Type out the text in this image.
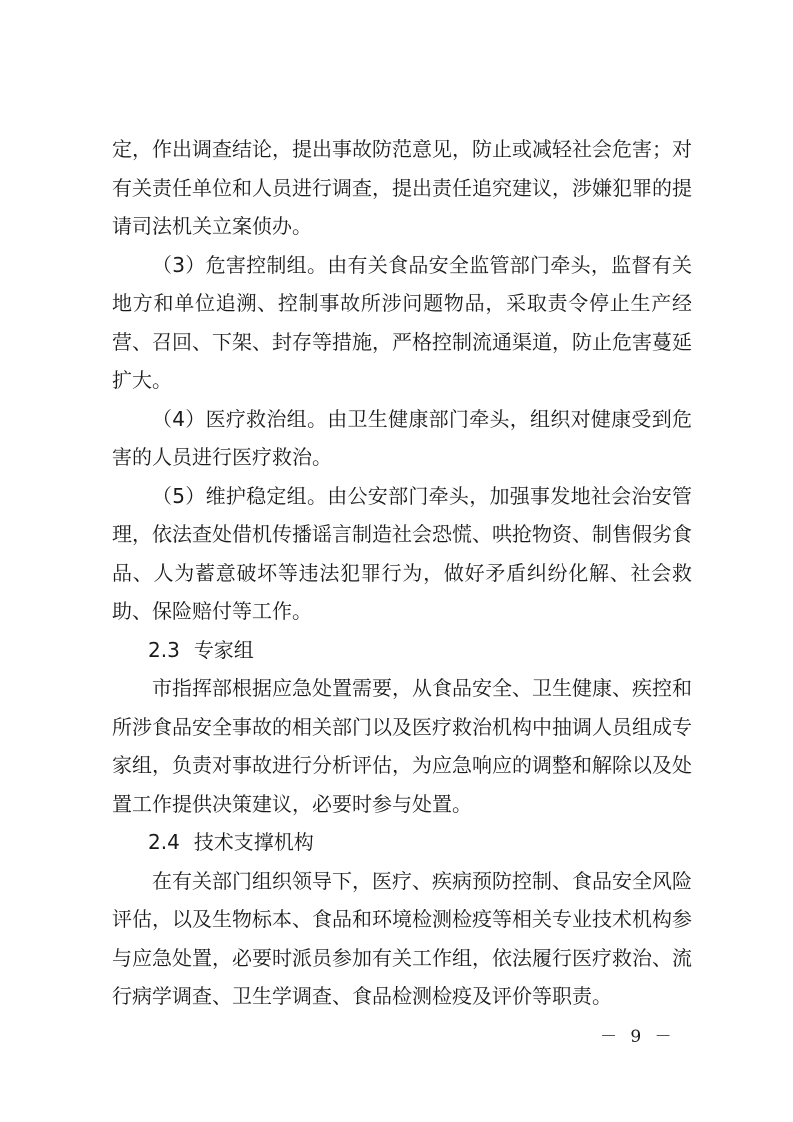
定，作出调查结论，提出事故防范意见，防止或减轻社会危害；对有关责任单位和人员进行调查，提出责任追究建议，涉嫌犯罪的提请司法机关立案侦办。

（3）危害控制组。由有关食品安全监管部门牵头，监督有关地方和单位追溯、控制事故所涉问题物品，采取责令停止生产经营、召回、下架、封存等措施，严格控制流通渠道，防止危害蔓延扩大。

（4）医疗救治组。由卫生健康部门牵头，组织对健康受到危害的人员进行医疗救治。

（5）维护稳定组。由公安部门牵头，加强事发地社会治安管理，依法查处借机传播谣言制造社会恐慌、哄抢物资、制售假劣食品、人为蓄意破坏等违法犯罪行为，做好矛盾纠纷化解、社会救助、保险赔付等工作。

2.3 专家组

市指挥部根据应急处置需要，从食品安全、卫生健康、疾控和所涉食品安全事故的相关部门以及医疗救治机构中抽调人员组成专家组，负责对事故进行分析评估，为应急响应的调整和解除以及处置工作提供决策建议，必要时参与处置。

2.4 技术支撑机构

在有关部门组织领导下，医疗、疾病预防控制、食品安全风险评估，以及生物标本、食品和环境检测检疫等相关专业技术机构参与应急处置，必要时派员参加有关工作组，依法履行医疗救治、流行病学调查、卫生学调查、食品检测检疫及评价等职责。

－ 9 －
